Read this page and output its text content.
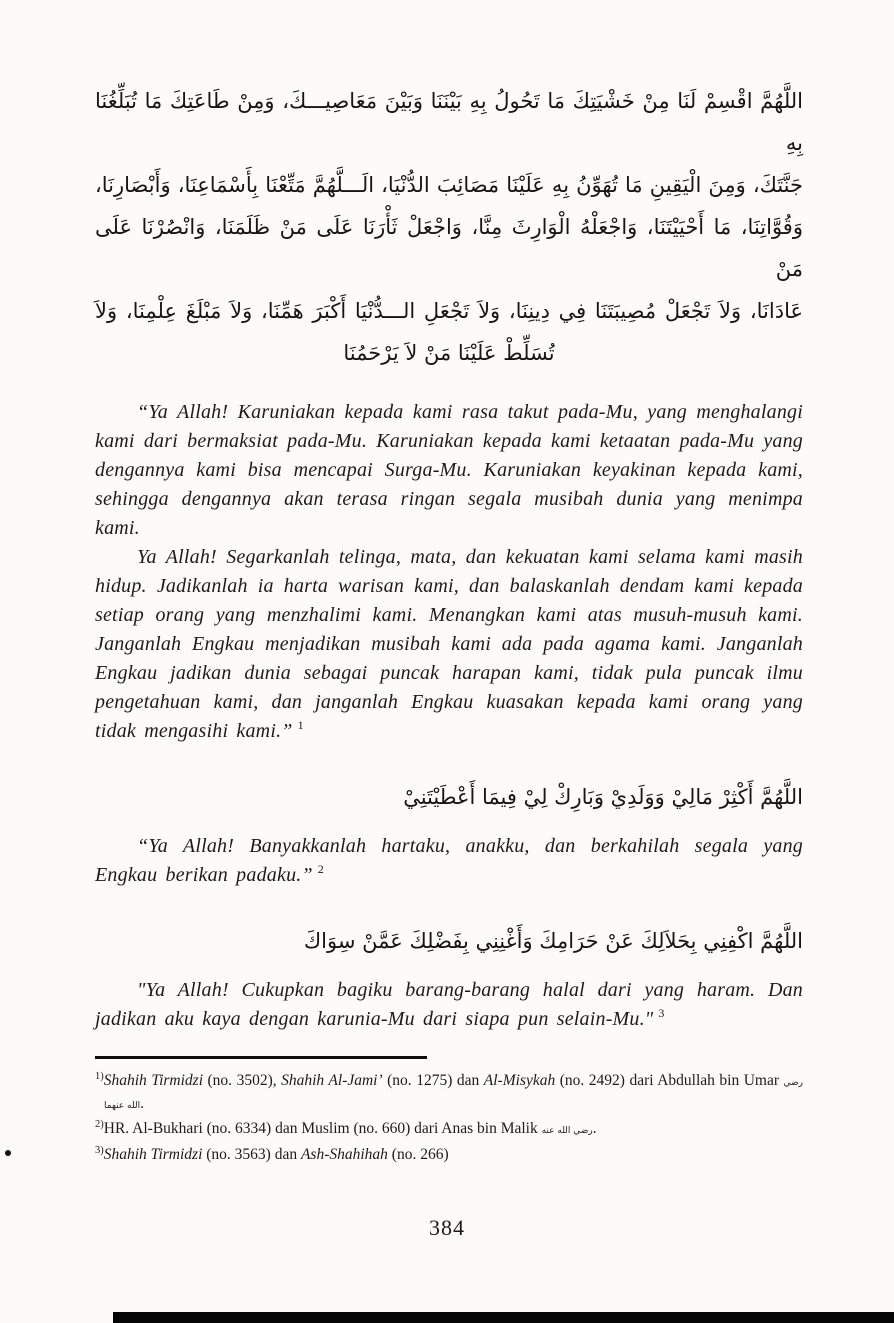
اللَّهُمَّ اقْسِمْ لَنَا مِنْ خَشْيَتِكَ مَا تَحُولُ بِهِ بَيْنَنَا وَبَيْنَ مَعَاصِيـــكَ، وَمِنْ طَاعَتِكَ مَا تُبَلِّغُنَا بِهِ
جَنَّتَكَ، وَمِنَ الْيَقِينِ مَا تُهَوِّنُ بِهِ عَلَيْنَا مَصَائِبَ الدُّنْيَا، الَـــلَّهُمَّ مَتِّعْنَا بِأَسْمَاعِنَا، وَأَبْصَارِنَا،
وَقُوَّاتِنَا، مَا أَحْيَيْتَنَا، وَاجْعَلْهُ الْوَارِثَ مِنَّا، وَاجْعَلْ ثَأْرَنَا عَلَى مَنْ ظَلَمَنَا، وَانْصُرْنَا عَلَى مَنْ
عَادَانَا، وَلاَ تَجْعَلْ مُصِيبَتَنَا فِي دِينِنَا، وَلاَ تَجْعَلِ الـــدُّنْيَا أَكْبَرَ هَمِّنَا، وَلاَ مَبْلَغَ عِلْمِنَا، وَلاَ
تُسَلِّطْ عَلَيْنَا مَنْ لاَ يَرْحَمُنَا

“Ya Allah! Karuniakan kepada kami rasa takut pada-Mu, yang menghalangi kami dari bermaksiat pada-Mu. Karuniakan kepada kami ketaatan pada-Mu yang dengannya kami bisa mencapai Surga-Mu. Karuniakan keyakinan kepada kami, sehingga dengannya akan terasa ringan segala musibah dunia yang menimpa kami.

Ya Allah! Segarkanlah telinga, mata, dan kekuatan kami selama kami masih hidup. Jadikanlah ia harta warisan kami, dan balaskanlah dendam kami kepada setiap orang yang menzhalimi kami. Menangkan kami atas musuh-musuh kami. Janganlah Engkau menjadikan musibah kami ada pada agama kami. Janganlah Engkau jadikan dunia sebagai puncak harapan kami, tidak pula puncak ilmu pengetahuan kami, dan janganlah Engkau kuasakan kepada kami orang yang tidak mengasihi kami.” $^1$

اللَّهُمَّ أَكْثِرْ مَالِيْ وَوَلَدِيْ وَبَارِكْ لِيْ فِيمَا أَعْطَيْتَنِيْ

“Ya Allah! Banyakkanlah hartaku, anakku, dan berkahilah segala yang Engkau berikan padaku.” $^2$

اللَّهُمَّ اكْفِنِي بِحَلاَلِكَ عَنْ حَرَامِكَ وَأَغْنِنِي بِفَضْلِكَ عَمَّنْ سِوَاكَ

"Ya Allah! Cukupkan bagiku barang-barang halal dari yang haram. Dan jadikan aku kaya dengan karunia-Mu dari siapa pun selain-Mu." $^3$

$^{1)}$Shahih Tirmidzi (no. 3502), Shahih Al-Jami’ (no. 1275) dan Al-Misykah (no. 2492) dari Abdullah bin Umar رضي الله عنهما.

$^{2)}$HR. Al-Bukhari (no. 6334) dan Muslim (no. 660) dari Anas bin Malik رضي الله عنه.

$^{3)}$Shahih Tirmidzi (no. 3563) dan Ash-Shahihah (no. 266)

384
